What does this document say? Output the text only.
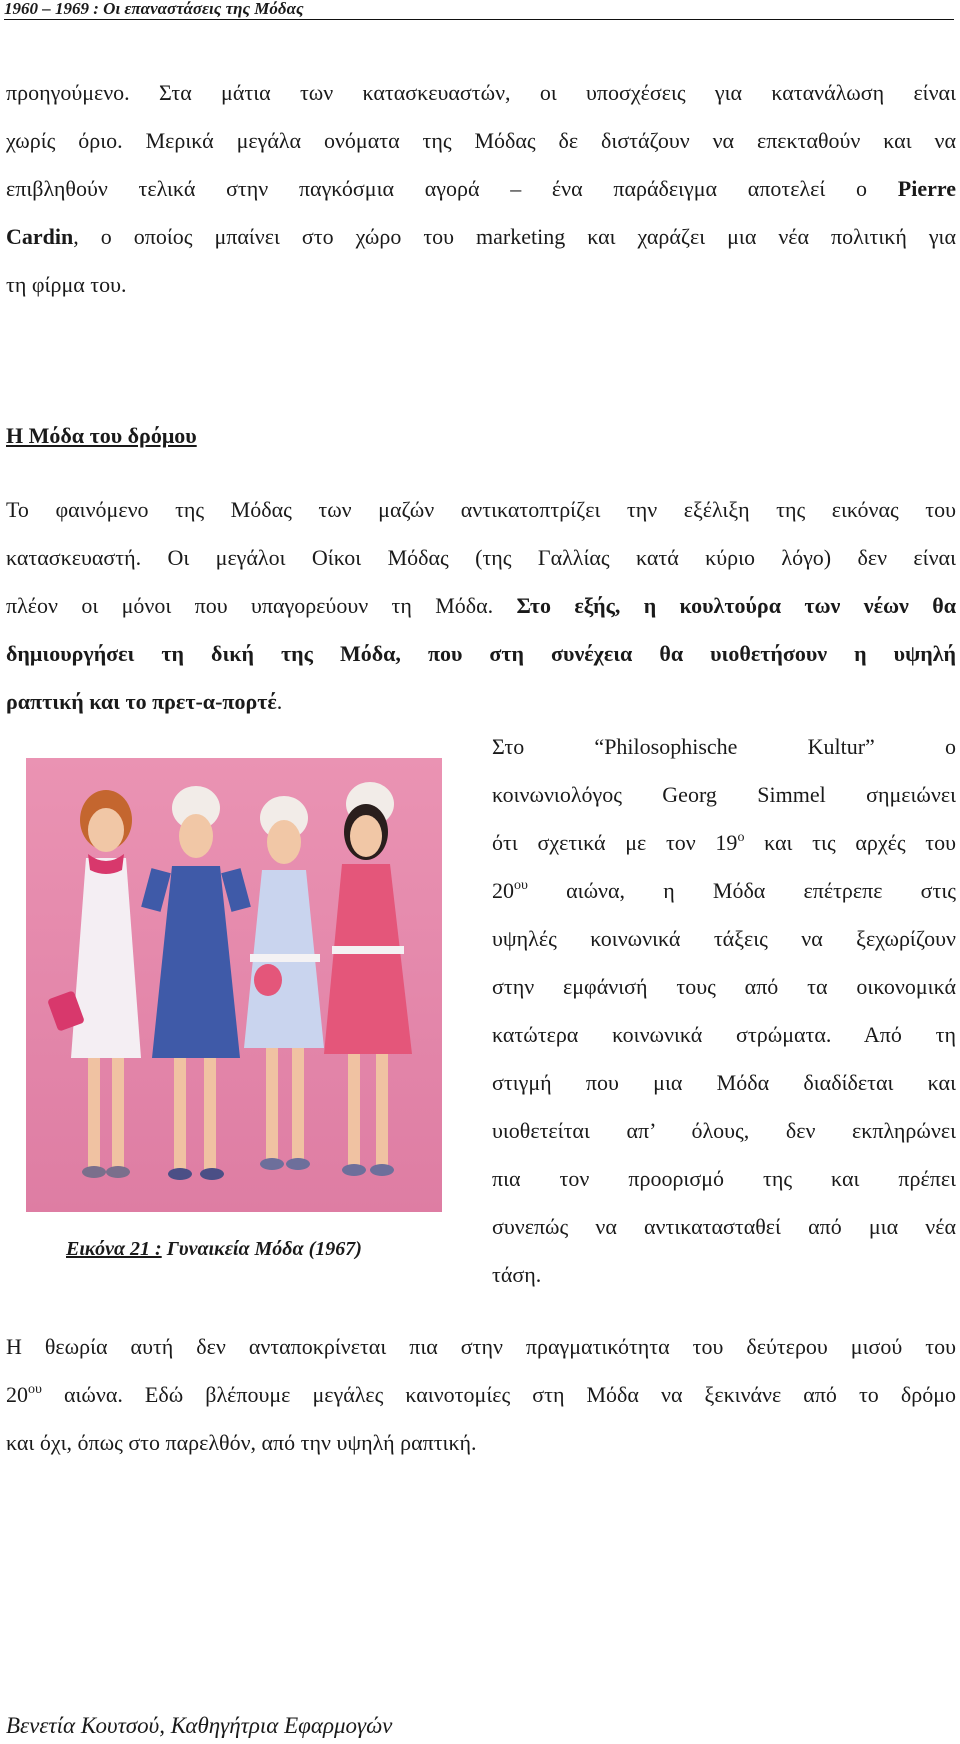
1960 – 1969 : Οι επαναστάσεις της Μόδας
προηγούμενο. Στα μάτια των κατασκευαστών, οι υποσχέσεις για κατανάλωση είναι
χωρίς όριο. Μερικά μεγάλα ονόματα της Μόδας δε διστάζουν να επεκταθούν και να
επιβληθούν τελικά στην παγκόσμια αγορά – ένα παράδειγμα αποτελεί ο Pierre
Cardin, ο οποίος μπαίνει στο χώρο του marketing και χαράζει μια νέα πολιτική για
τη φίρμα του.
Η Μόδα του δρόμου
Το φαινόμενο της Μόδας των μαζών αντικατοπτρίζει την εξέλιξη της εικόνας του
κατασκευαστή. Οι μεγάλοι Οίκοι Μόδας (της Γαλλίας κατά κύριο λόγο) δεν είναι
πλέον οι μόνοι που υπαγορεύουν τη Μόδα. Στο εξής, η κουλτούρα των νέων θα
δημιουργήσει τη δική της Μόδα, που στη συνέχεια θα υιοθετήσουν η υψηλή
ραπτική και το πρετ-α-πορτέ.
Εικόνα 21 : Γυναικεία Μόδα (1967)
Στο “Philosophische Kultur” ο
κοινωνιολόγος Georg Simmel σημειώνει
ότι σχετικά με τον $19^o$ και τις αρχές του
$20^{o\upsilon}$ αιώνα, η Μόδα επέτρεπε στις
υψηλές κοινωνικά τάξεις να ξεχωρίζουν
στην εμφάνισή τους από τα οικονομικά
κατώτερα κοινωνικά στρώματα. Από τη
στιγμή που μια Μόδα διαδίδεται και
υιοθετείται απ’ όλους, δεν εκπληρώνει
πια τον προορισμό της και πρέπει
συνεπώς να αντικατασταθεί από μια νέα
τάση.
Η θεωρία αυτή δεν ανταποκρίνεται πια στην πραγματικότητα του δεύτερου μισού του
$20^{o\upsilon}$ αιώνα. Εδώ βλέπουμε μεγάλες καινοτομίες στη Μόδα να ξεκινάνε από το δρόμο
και όχι, όπως στο παρελθόν, από την υψηλή ραπτική.
Βενετία Κουτσού, Καθηγήτρια Εφαρμογών
